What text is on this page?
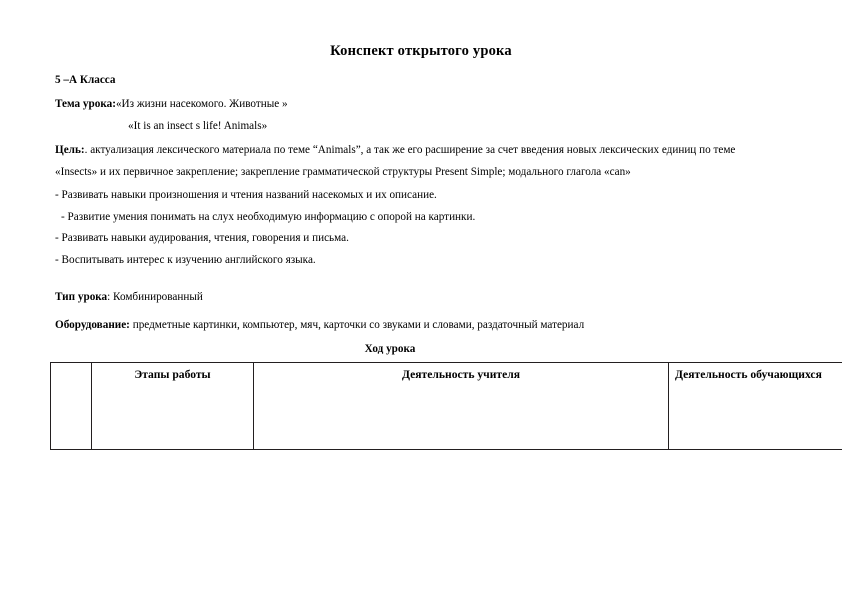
Конспект открытого урока
5 –А Класса
Тема урока:«Из жизни насекомого. Животные »
«It is an insect s life! Animals»
Цель:. актуализация лексического материала по теме “Animals”, а так же его расширение за счет введения новых лексических единиц по теме
«Insects» и их первичное закрепление; закрепление грамматической структуры Present Simple; модального глагола «can»
- Развивать навыки произношения и чтения названий насекомых и их описание.
- Развитие умения понимать на слух необходимую информацию с опорой на картинки.
- Развивать навыки аудирования, чтения, говорения и письма.
- Воспитывать интерес к изучению английского языка.
Тип урока: Комбинированный
Оборудование: предметные картинки, компьютер, мяч, карточки со звуками и словами, раздаточный материал
Ход урока
	Этапы работы	Деятельность учителя	Деятельность обучающихся
